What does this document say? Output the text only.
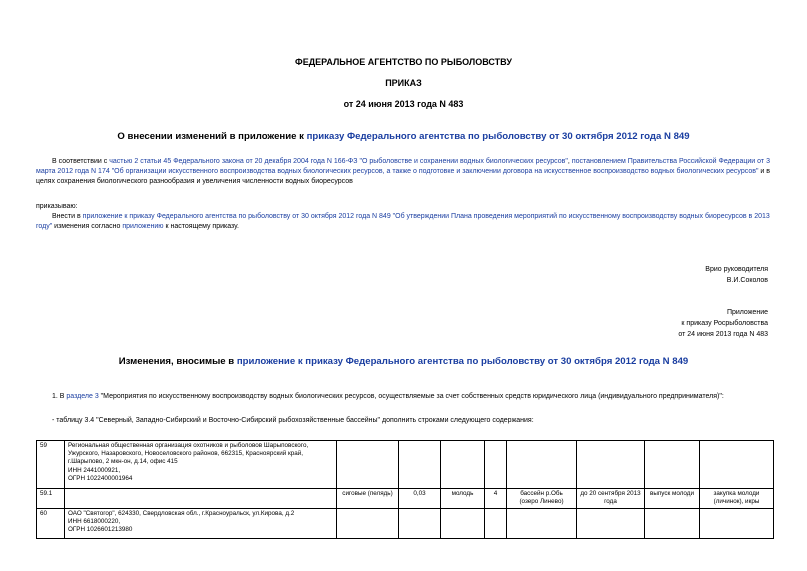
ФЕДЕРАЛЬНОЕ АГЕНТСТВО ПО РЫБОЛОВСТВУ
ПРИКАЗ
от 24 июня 2013 года N 483
О внесении изменений в приложение к приказу Федерального агентства по рыболовству от 30 октября 2012 года N 849
В соответствии с частью 2 статьи 45 Федерального закона от 20 декабря 2004 года N 166-ФЗ "О рыболовстве и сохранении водных биологических ресурсов", постановлением Правительства Российской Федерации от 3 марта 2012 года N 174 "Об организации искусственного воспроизводства водных биологических ресурсов, а также о подготовке и заключении договора на искусственное воспроизводство водных биологических ресурсов" и в целях сохранения биологического разнообразия и увеличения численности водных биоресурсов
приказываю:
Внести в приложение к приказу Федерального агентства по рыболовству от 30 октября 2012 года N 849 "Об утверждении Плана проведения мероприятий по искусственному воспроизводству водных биоресурсов в 2013 году" изменения согласно приложению к настоящему приказу.
Врио руководителя
В.И.Соколов
Приложение
к приказу Росрыболовства
от 24 июня 2013 года N 483
Изменения, вносимые в приложение к приказу Федерального агентства по рыболовству от 30 октября 2012 года N 849
1. В разделе 3 "Мероприятия по искусственному воспроизводству водных биологических ресурсов, осуществляемые за счет собственных средств юридического лица (индивидуального предпринимателя)":
- таблицу 3.4 "Северный, Западно-Сибирский и Восточно-Сибирский рыбохозяйственные бассейны" дополнить строками следующего содержания:
59	Региональная общественная организация охотников и рыболовов Шарыповского,
Ужурского, Назаровского, Новоселовского районов, 662315, Красноярский край,
г.Шарыпово, 2 мкн-он, д.14, офис 415
ИНН 2441000921,
ОГРН 1022400001964								

59.1		сиговые (пелядь)	0,03	молодь	4	бассейн р.Обь (озеро Линево)	до 20 сентября 2013 года	выпуск молоди	закупка молоди (личинок), икры
60	ОАО "Святогор", 624330, Свердловская обл., г.Красноуральск, ул.Кирова, д.2
ИНН 6618000220,
ОГРН 1026601213980								
